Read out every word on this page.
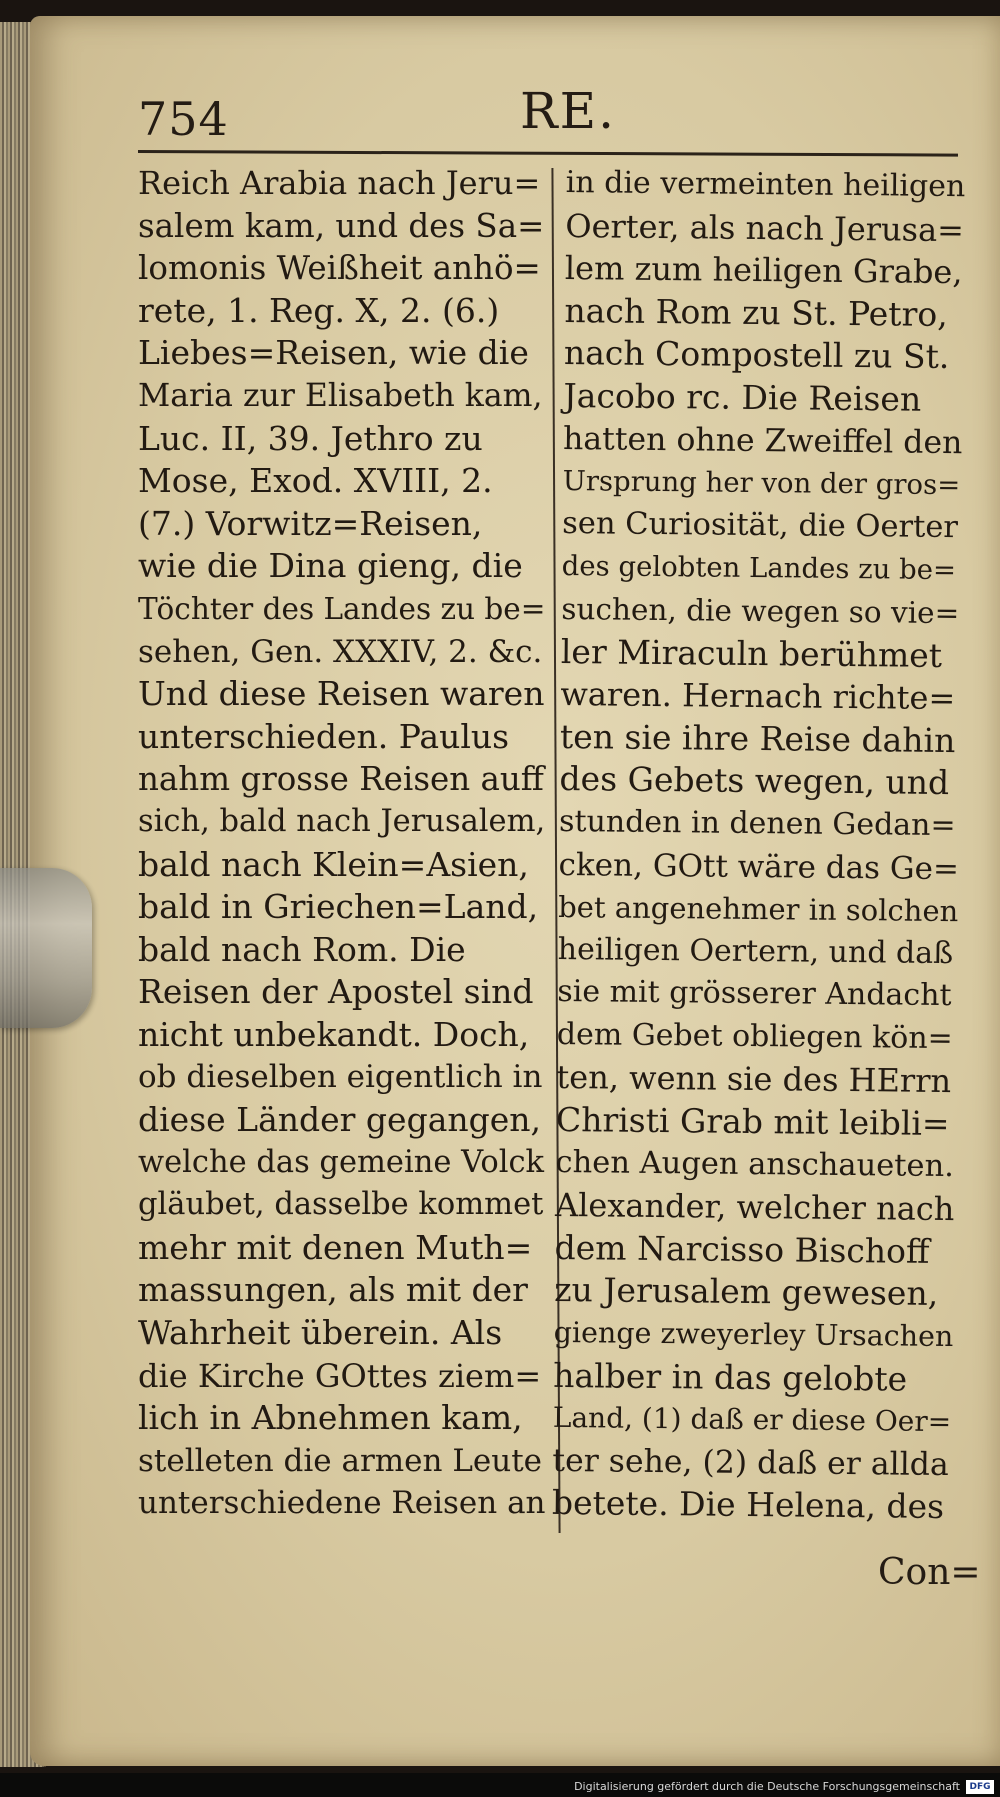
754	RE.
Reich Arabia nach Jeru=
salem kam, und des Sa=
lomonis Weißheit anhö=
rete, 1. Reg. X, 2. (6.)
Liebes=Reisen, wie die
Maria zur Elisabeth kam,
Luc. II, 39. Jethro zu
Mose, Exod. XVIII, 2.
(7.) Vorwitz=Reisen,
wie die Dina gieng, die
Töchter des Landes zu be=
sehen, Gen. XXXIV, 2. &c.
Und diese Reisen waren
unterschieden. Paulus
nahm grosse Reisen auff
sich, bald nach Jerusalem,
bald nach Klein=Asien,
bald in Griechen=Land,
bald nach Rom. Die
Reisen der Apostel sind
nicht unbekandt. Doch,
ob dieselben eigentlich in
diese Länder gegangen,
welche das gemeine Volck
gläubet, dasselbe kommet
mehr mit denen Muth=
massungen, als mit der
Wahrheit überein. Als
die Kirche GOttes ziem=
lich in Abnehmen kam,
stelleten die armen Leute
unterschiedene Reisen an
in die vermeinten heiligen
Oerter, als nach Jerusa=
lem zum heiligen Grabe,
nach Rom zu St. Petro,
nach Compostell zu St.
Jacobo rc. Die Reisen
hatten ohne Zweiffel den
Ursprung her von der gros=
sen Curiosität, die Oerter
des gelobten Landes zu be=
suchen, die wegen so vie=
ler Miraculn berühmet
waren. Hernach richte=
ten sie ihre Reise dahin
des Gebets wegen, und
stunden in denen Gedan=
cken, GOtt wäre das Ge=
bet angenehmer in solchen
heiligen Oertern, und daß
sie mit grösserer Andacht
dem Gebet obliegen kön=
ten, wenn sie des HErrn
Christi Grab mit leibli=
chen Augen anschaueten.
Alexander, welcher nach
dem Narcisso Bischoff
zu Jerusalem gewesen,
gienge zweyerley Ursachen
halber in das gelobte
Land, (1) daß er diese Oer=
ter sehe, (2) daß er allda
betete. Die Helena, des
Con=
Digitalisierung gefördert durch die Deutsche Forschungsgemeinschaft	DFG
